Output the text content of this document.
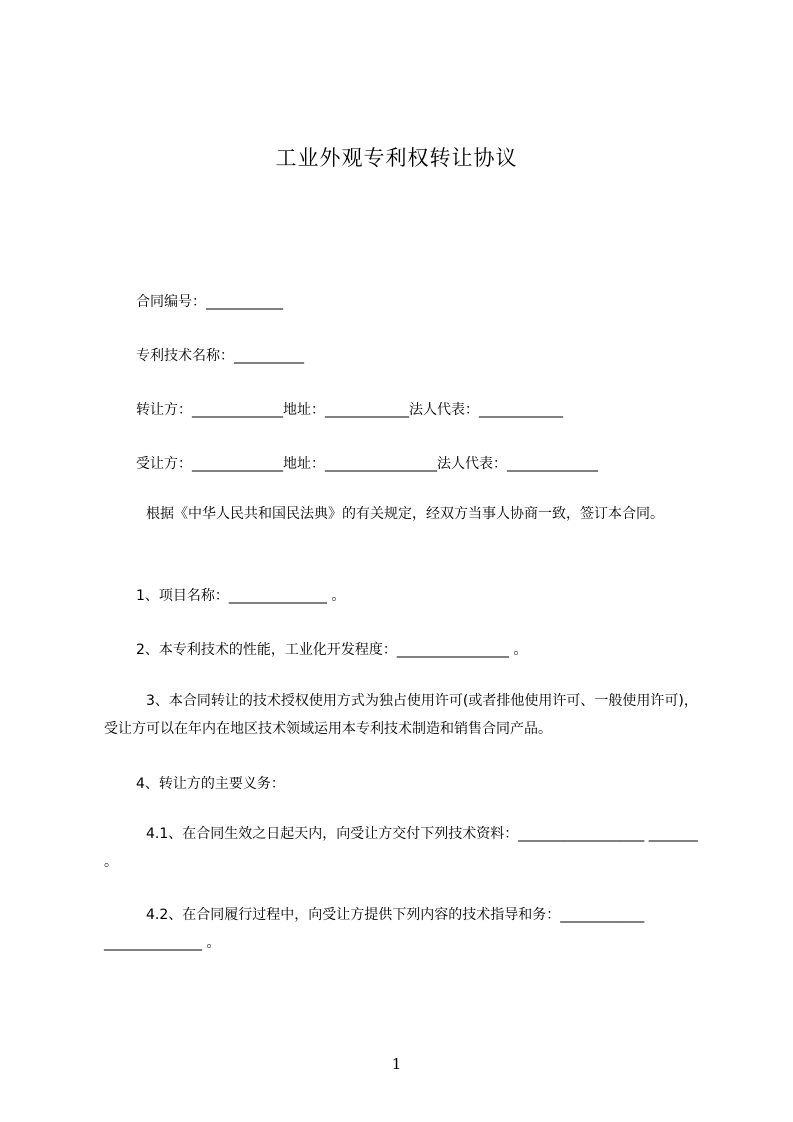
工业外观专利权转让协议
合同编号：___________
专利技术名称：__________
转让方：_____________地址：____________法人代表：____________
受让方：_____________地址：________________法人代表：_____________
　根据《中华人民共和国民法典》的有关规定，经双方当事人协商一致，签订本合同。
1、项目名称：______________ 。
2、本专利技术的性能，工业化开发程度：________________ 。
　3、本合同转让的技术授权使用方式为独占使用许可(或者排他使用许可、一般使用许可)，受让方可以在年内在地区技术领域运用本专利技术制造和销售合同产品。
4、转让方的主要义务：
　4.1、在合同生效之日起天内，向受让方交付下列技术资料：__________________ _______ 。
　4.2、在合同履行过程中，向受让方提供下列内容的技术指导和务：____________ ______________ 。
1
